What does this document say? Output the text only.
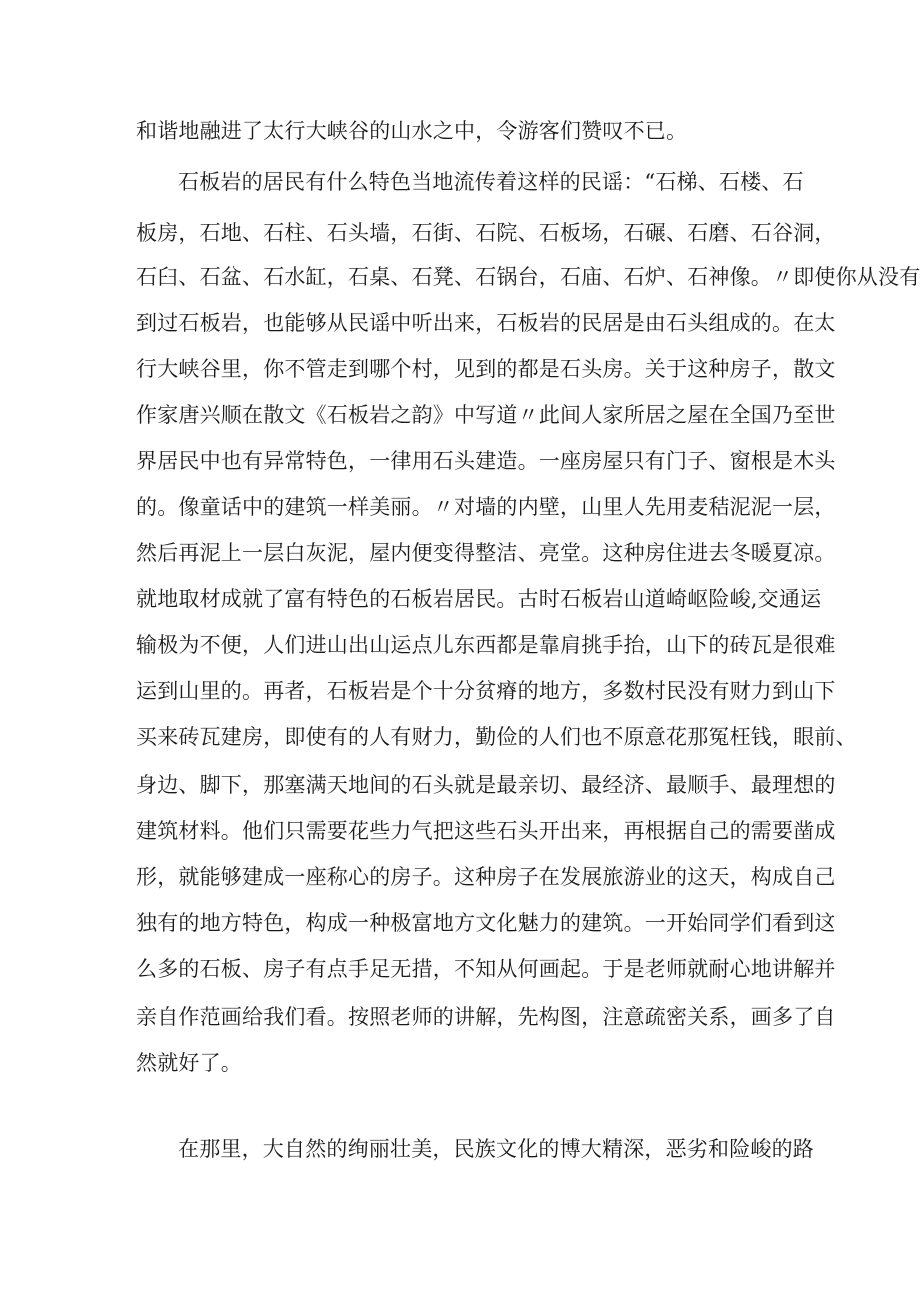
和谐地融进了太行大峡谷的山水之中，令游客们赞叹不已。

石板岩的居民有什么特色当地流传着这样的民谣：“石梯、石楼、石

板房，石地、石柱、石头墙，石街、石院、石板场，石碾、石磨、石谷洞，

石臼、石盆、石水缸，石桌、石凳、石锅台，石庙、石炉、石神像。〃即使你从没有

到过石板岩，也能够从民谣中听出来，石板岩的民居是由石头组成的。在太

行大峡谷里，你不管走到哪个村，见到的都是石头房。关于这种房子，散文

作家唐兴顺在散文《石板岩之韵》中写道〃此间人家所居之屋在全国乃至世

界居民中也有异常特色，一律用石头建造。一座房屋只有门子、窗根是木头

的。像童话中的建筑一样美丽。〃对墙的内壁，山里人先用麦秸泥泥一层，

然后再泥上一层白灰泥，屋内便变得整洁、亮堂。这种房住进去冬暖夏凉。

就地取材成就了富有特色的石板岩居民。古时石板岩山道崎岖险峻,交通运

输极为不便，人们进山出山运点儿东西都是靠肩挑手抬，山下的砖瓦是很难

运到山里的。再者，石板岩是个十分贫瘠的地方，多数村民没有财力到山下

买来砖瓦建房，即使有的人有财力，勤俭的人们也不原意花那冤枉钱，眼前、

身边、脚下，那塞满天地间的石头就是最亲切、最经济、最顺手、最理想的

建筑材料。他们只需要花些力气把这些石头开出来，再根据自己的需要凿成

形，就能够建成一座称心的房子。这种房子在发展旅游业的这天，构成自己

独有的地方特色，构成一种极富地方文化魅力的建筑。一开始同学们看到这

么多的石板、房子有点手足无措，不知从何画起。于是老师就耐心地讲解并

亲自作范画给我们看。按照老师的讲解，先构图，注意疏密关系，画多了自

然就好了。

在那里，大自然的绚丽壮美，民族文化的博大精深，恶劣和险峻的路
